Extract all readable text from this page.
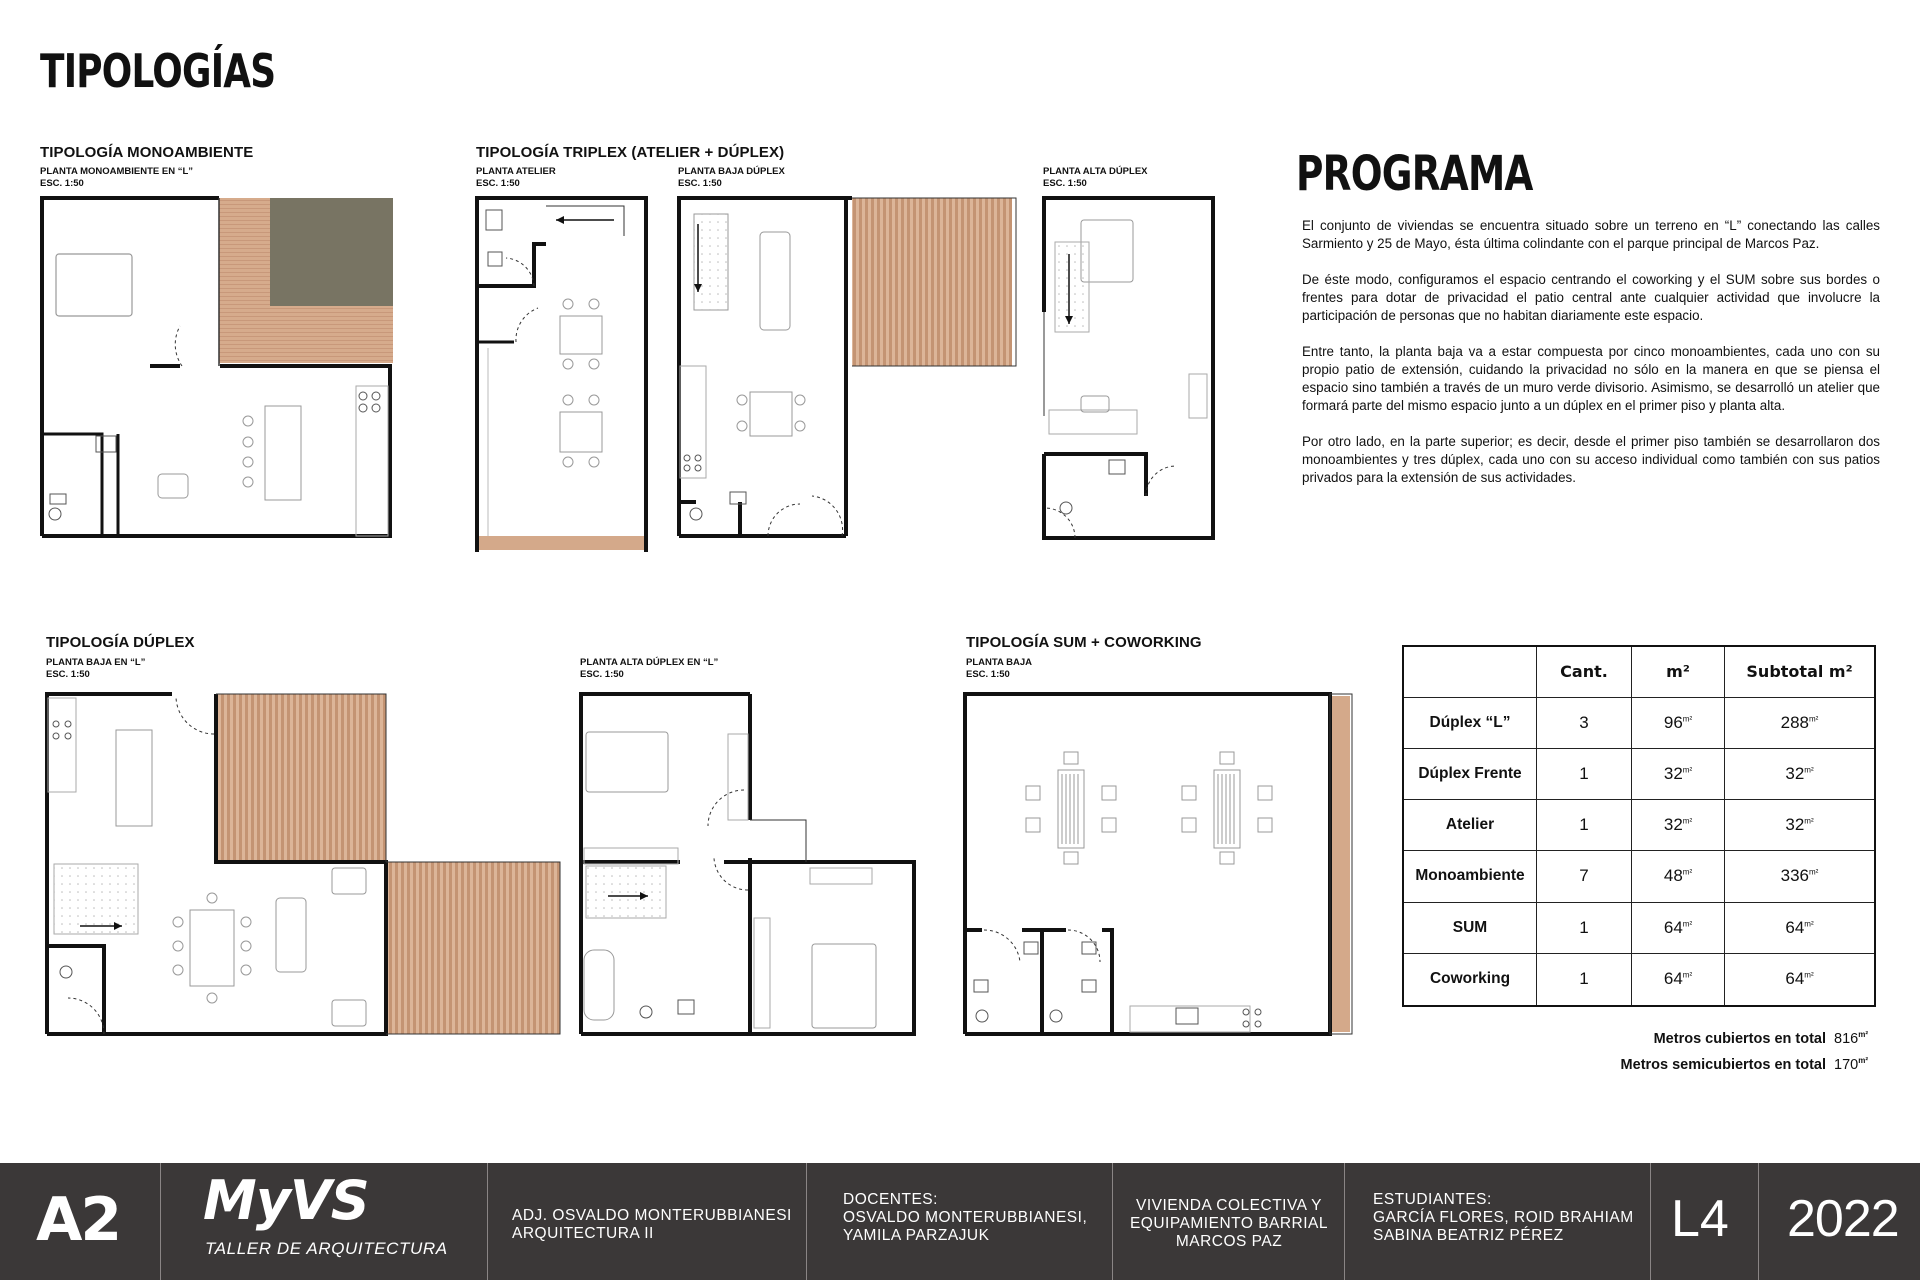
TIPOLOGÍAS
TIPOLOGÍA MONOAMBIENTE
PLANTA MONOAMBIENTE EN “L”
ESC. 1:50
TIPOLOGÍA TRIPLEX (ATELIER + DÚPLEX)
PLANTA ATELIER
ESC. 1:50
PLANTA BAJA DÚPLEX
ESC. 1:50
PLANTA ALTA DÚPLEX
ESC. 1:50	PROGRAMA

El conjunto de viviendas se encuentra situado sobre un terreno en “L” conectando las calles Sarmiento y 25 de Mayo, ésta última colindante con el parque principal de Marcos Paz.

De éste modo, configuramos el espacio centrando el coworking y el SUM sobre sus bordes o frentes para dotar de privacidad el patio central ante cualquier actividad que involucre la participación de personas que no habitan diariamente este espacio.

Entre tanto, la planta baja va a estar compuesta por cinco monoambientes, cada uno con su propio patio de extensión, cuidando la privacidad no sólo en la manera en que se piensa el espacio sino también a través de un muro verde divisorio. Asimismo, se desarrolló un atelier que formará parte del mismo espacio junto a un dúplex en el primer piso y planta alta.

Por otro lado, en la parte superior; es decir, desde el primer piso también se desarrollaron dos monoambientes y tres dúplex, cada uno con su acceso individual como también con sus patios privados para la extensión de sus actividades.

TIPOLOGÍA DÚPLEX
PLANTA BAJA EN “L”
ESC. 1:50
PLANTA ALTA DÚPLEX EN “L”
ESC. 1:50
TIPOLOGÍA SUM + COWORKING
PLANTA BAJA
ESC. 1:50
		Cant.	m²	Subtotal m²
Dúplex “L”	3	$96^{m^2}$	$288^{m^2}$
Dúplex Frente	1	$32^{m^2}$	$32^{m^2}$
Atelier	1	$32^{m^2}$	$32^{m^2}$
Monoambiente	7	$48^{m^2}$	$336^{m^2}$
SUM	1	$64^{m^2}$	$64^{m^2}$
Coworking	1	$64^{m^2}$	$64^{m^2}$
Metros cubiertos en total $816^{m^2}$
Metros semicubiertos en total $170^{m^2}$
A2 MyVS
TALLER DE ARQUITECTURA
ADJ. OSVALDO MONTERUBBIANESI
ARQUITECTURA II
DOCENTES:
OSVALDO MONTERUBBIANESI,
YAMILA PARZAJUK
VIVIENDA COLECTIVA Y
EQUIPAMIENTO BARRIAL
MARCOS PAZ
ESTUDIANTES:
GARCÍA FLORES, ROID BRAHIAM
SABINA BEATRIZ PÉREZ L4 2022
